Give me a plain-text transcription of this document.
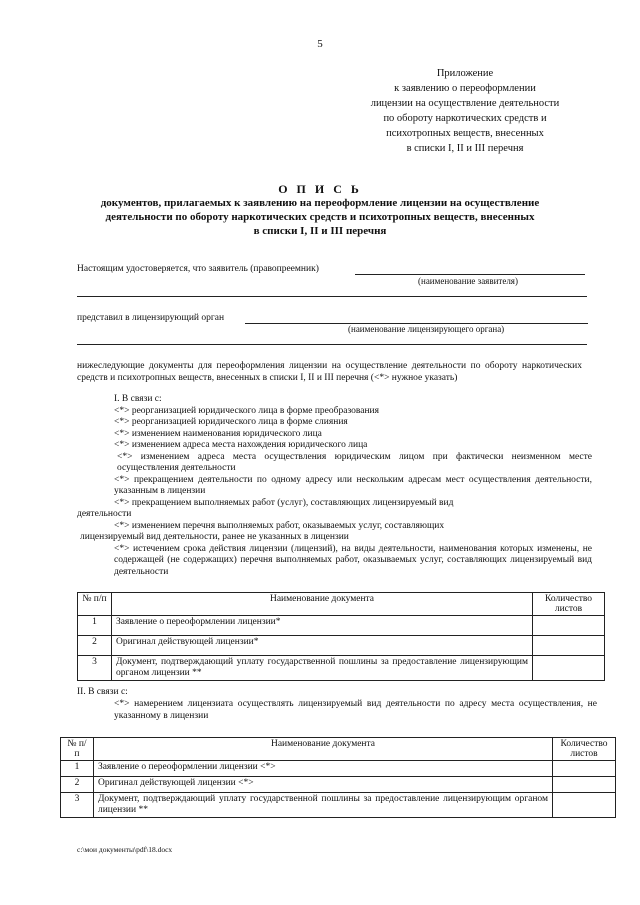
5
Приложение
к заявлению о переоформлении
лицензии на осуществление деятельности
по обороту наркотических средств и
психотропных веществ, внесенных
в списки I, II и III перечня
О П И С Ь
документов, прилагаемых к заявлению на переоформление лицензии на осуществление
деятельности по обороту наркотических средств и психотропных веществ, внесенных
в списки I, II и III перечня
Настоящим удостоверяется, что заявитель (правопреемник)
(наименование заявителя)
представил в лицензирующий орган
(наименование лицензирующего органа)
нижеследующие документы для переоформления лицензии на осуществление деятельности по обороту наркотических средств и психотропных веществ, внесенных в списки I, II и III перечня (<*> нужное указать)
I. В связи с:
<*> реорганизацией юридического лица в форме преобразования
<*> реорганизацией юридического лица в форме слияния
<*> изменением наименования юридического лица
<*> изменением адреса места нахождения юридического лица
<*> изменением адреса места осуществления юридическим лицом при фактически неизменном месте осуществления деятельности
<*> прекращением деятельности по одному адресу или нескольким адресам мест осуществления деятельности, указанным в лицензии
<*> прекращением выполняемых работ (услуг), составляющих лицензируемый вид
деятельности
<*> изменением перечня выполняемых работ, оказываемых услуг, составляющих
лицензируемый вид деятельности, ранее не указанных в лицензии
<*> истечением срока действия лицензии (лицензий), на виды деятельности, наименования которых изменены, не содержащей (не содержащих) перечня выполняемых работ, оказываемых услуг, составляющих лицензируемый вид деятельности
№ п/п	Наименование документа	Количество листов
1	Заявление о переоформлении лицензии*	
2	Оригинал действующей лицензии*	
3	Документ, подтверждающий уплату государственной пошлины за предоставление лицензирующим органом лицензии **	
II. В связи с:
<*> намерением лицензиата осуществлять лицензируемый вид деятельности по адресу места осуществления, не указанному в лицензии
№ п/п	Наименование документа	Количество листов
1	Заявление о переоформлении лицензии <*>	
2	Оригинал действующей лицензии <*>	
3	Документ, подтверждающий уплату государственной пошлины за предоставление лицензирующим органом лицензии **	
c:\мои документы\pdf\18.docx
